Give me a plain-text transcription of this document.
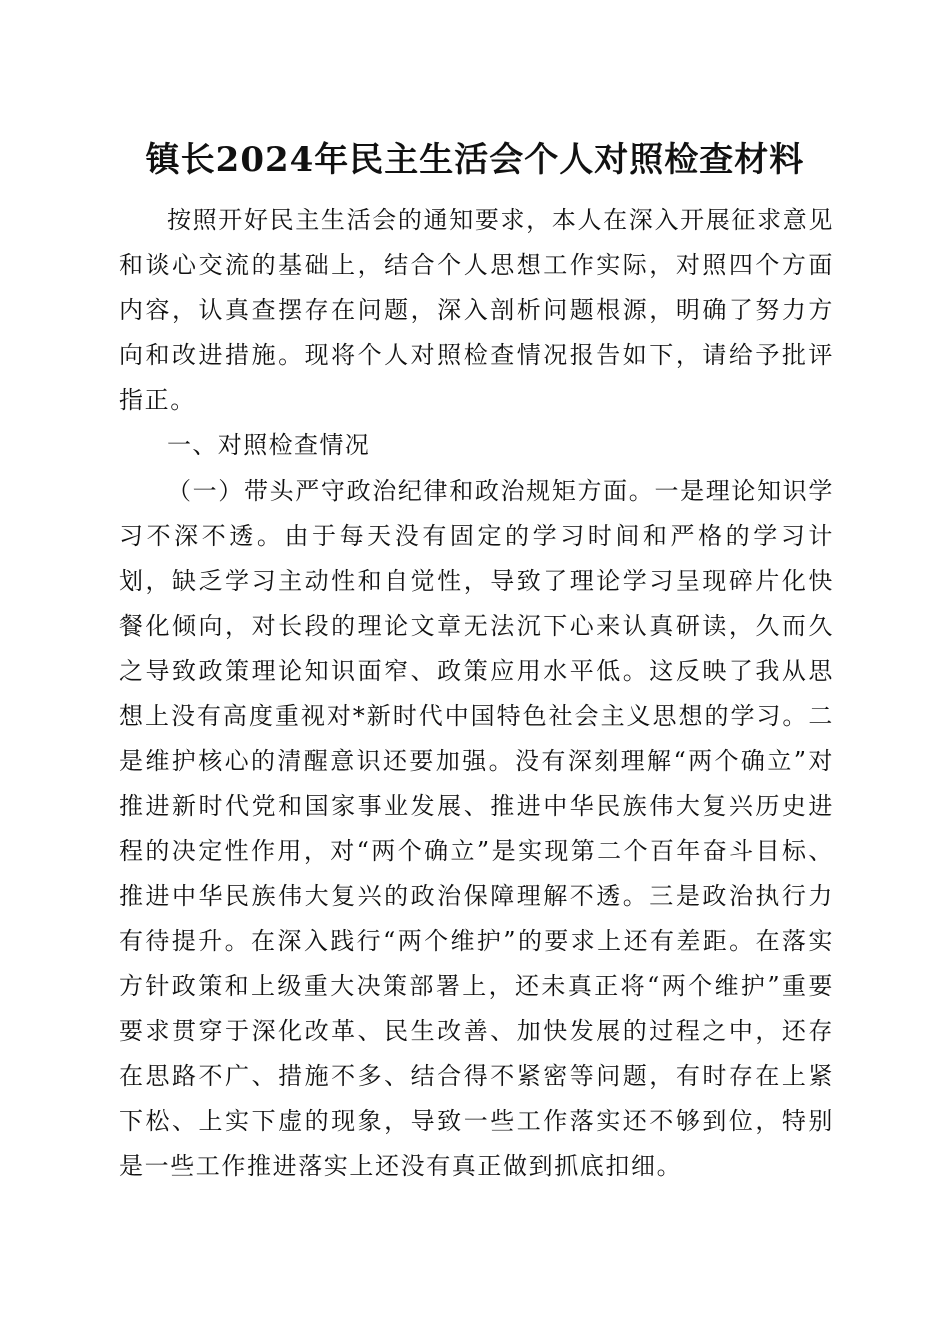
镇长2024年民主生活会个人对照检查材料

按照开好民主生活会的通知要求，本人在深入开展征求意见和谈心交流的基础上，结合个人思想工作实际，对照四个方面内容，认真查摆存在问题，深入剖析问题根源，明确了努力方向和改进措施。现将个人对照检查情况报告如下，请给予批评指正。

一、对照检查情况

（一）带头严守政治纪律和政治规矩方面。一是理论知识学习不深不透。由于每天没有固定的学习时间和严格的学习计划，缺乏学习主动性和自觉性，导致了理论学习呈现碎片化快餐化倾向，对长段的理论文章无法沉下心来认真研读，久而久之导致政策理论知识面窄、政策应用水平低。这反映了我从思想上没有高度重视对*新时代中国特色社会主义思想的学习。二是维护核心的清醒意识还要加强。没有深刻理解“两个确立”对推进新时代党和国家事业发展、推进中华民族伟大复兴历史进程的决定性作用，对“两个确立”是实现第二个百年奋斗目标、推进中华民族伟大复兴的政治保障理解不透。三是政治执行力有待提升。在深入践行“两个维护”的要求上还有差距。在落实方针政策和上级重大决策部署上，还未真正将“两个维护”重要要求贯穿于深化改革、民生改善、加快发展的过程之中，还存在思路不广、措施不多、结合得不紧密等问题，有时存在上紧下松、上实下虚的现象，导致一些工作落实还不够到位，特别是一些工作推进落实上还没有真正做到抓底扣细。
